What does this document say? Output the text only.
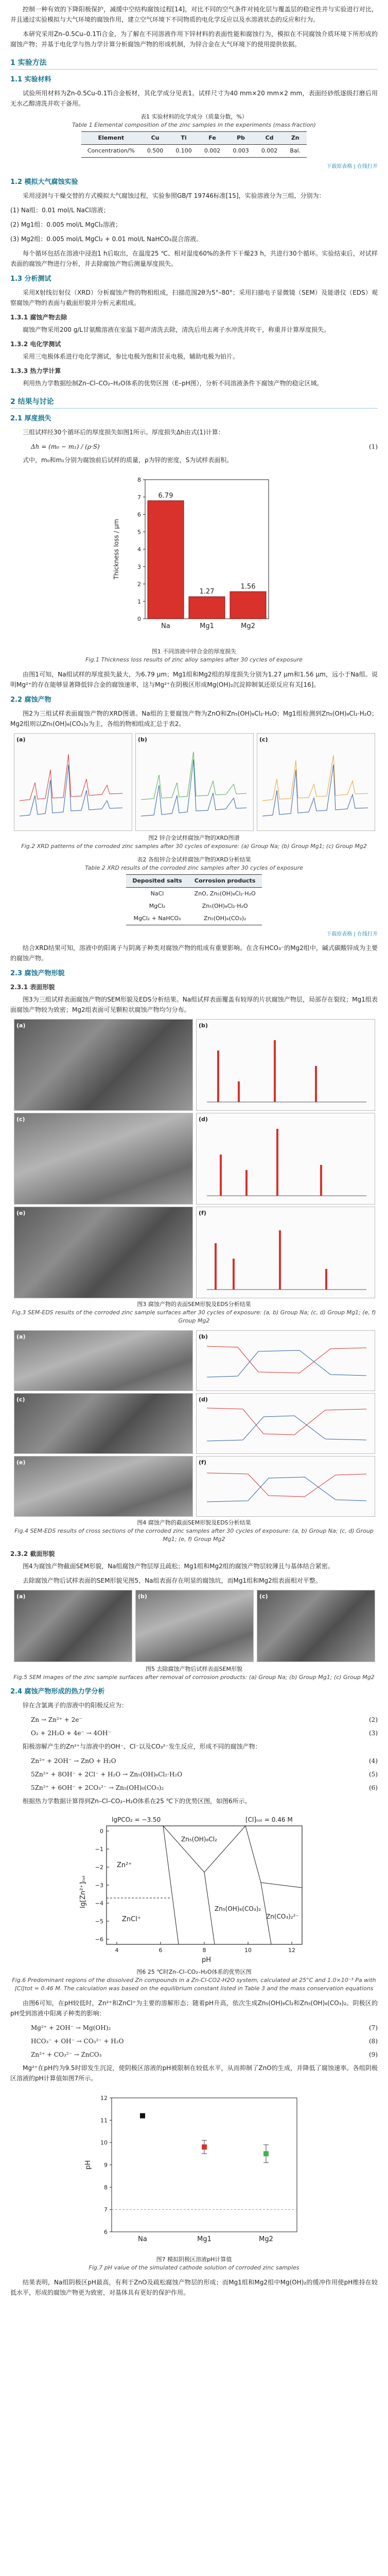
控制一种有效的下降阳极保护，减缓中空结构腐蚀过程[14]，对比不同的空气条件对钝化层与覆盖层的稳定性并与实验进行对比，并且通过实验模拟与大气环境的腐蚀作用，建立空气环境下不同物质的电化学反应以及水溶液状态的反应和行为。

本研究采用Zn–0.5Cu–0.1Ti合金，为了解在不同溶液作用下锌材料的表面性能和腐蚀行为，模拟在不同腐蚀介质环境下所形成的腐蚀产物；并基于电化学与热力学计算分析腐蚀产物的形成机制，为锌合金在大气环境下的使用提供依据。

1 实验方法
1.1 实验材料

试验所用材料为Zn-0.5Cu-0.1Ti合金板材，其化学成分见表1。试样尺寸为40 mm×20 mm×2 mm，表面经砂纸逐级打磨后用无水乙醇清洗并吹干备用。

表1 实验材料的化学成分（质量分数，%）
Table 1 Elemental composition of the zinc samples in the experiments (mass fraction)
Element	Cu	Ti	Fe	Pb	Cd	Zn
Concentration/%	0.500	0.100	0.002	0.003	0.002	Bal.
下载原表格 | 在线打开
1.2 模拟大气腐蚀实验

采用浸润与干燥交替的方式模拟大气腐蚀过程，实验参照GB/T 19746标准[15]，实验溶液分为三组，分别为：

(1) Na组：0.01 mol/L NaCl溶液；

(2) Mg1组：0.005 mol/L MgCl₂溶液；

(3) Mg2组：0.005 mol/L MgCl₂ + 0.01 mol/L NaHCO₃混合溶液。

每个循环包括在溶液中浸泡1 h后取出，在温度25 ℃、相对湿度60%的条件下干燥23 h，共进行30个循环。实验结束后，对试样表面的腐蚀产物进行分析，并去除腐蚀产物后测量厚度损失。

1.3 分析测试

采用X射线衍射仪（XRD）分析腐蚀产物的物相组成，扫描范围2θ为5°–80°；采用扫描电子显微镜（SEM）及能谱仪（EDS）观察腐蚀产物的表面与截面形貌并分析元素组成。

1.3.1 腐蚀产物去除

腐蚀产物采用200 g/L甘氨酸溶液在室温下超声清洗去除，清洗后用去离子水冲洗并吹干，称重并计算厚度损失。

1.3.2 电化学测试

采用三电极体系进行电化学测试，参比电极为饱和甘汞电极，辅助电极为铂片。

1.3.3 热力学计算

利用热力学数据绘制Zn–Cl–CO₂–H₂O体系的优势区图（E–pH图），分析不同溶液条件下腐蚀产物的稳定区域。

2 结果与讨论
2.1 厚度损失

三组试样经30个循环后的厚度损失如图1所示。厚度损失Δh由式(1)计算：

Δh = (m₀ − m₁) / (ρ·S)	(1)

式中，m₀和m₁分别为腐蚀前后试样的质量，ρ为锌的密度，S为试样表面积。

0
1
2
3
4
5
6
7
8
6.79
Na
1.27
Mg1
1.56
Mg2
Thickness loss / μm
图1 不同溶液中锌合金的厚度损失
Fig.1 Thickness loss results of zinc alloy samples after 30 cycles of exposure

由图1可知，Na组试样的厚度损失最大，为6.79 μm；Mg1组和Mg2组的厚度损失分别为1.27 μm和1.56 μm，远小于Na组。说明Mg²⁺的存在能够显著降低锌合金的腐蚀速率，这与Mg²⁺在阴极区形成Mg(OH)₂沉淀抑制氧还原反应有关[16]。

2.2 腐蚀产物

图2为三组试样表面腐蚀产物的XRD图谱。Na组的主要腐蚀产物为ZnO和Zn₅(OH)₈Cl₂·H₂O；Mg1组检测到Zn₅(OH)₈Cl₂·H₂O；Mg2组则以Zn₅(OH)₆(CO₃)₂为主，各组的物相组成汇总于表2。

(a)	(b)	(c)
图2 锌合金试样腐蚀产物的XRD图谱
Fig.2 XRD patterns of the corroded zinc samples after 30 cycles of exposure: (a) Group Na; (b) Group Mg1; (c) Group Mg2
表2 各组锌合金试样腐蚀产物的XRD分析结果
Table 2 XRD results of the corroded zinc samples after 30 cycles of exposure
Deposited salts	Corrosion products
NaCl	ZnO, Zn₅(OH)₈Cl₂·H₂O
MgCl₂	Zn₅(OH)₈Cl₂·H₂O
MgCl₂ + NaHCO₃	Zn₅(OH)₆(CO₃)₂
下载原表格 | 在线打开

结合XRD结果可知，溶液中的阳离子与阴离子种类对腐蚀产物的组成有重要影响。在含有HCO₃⁻的Mg2组中，碱式碳酸锌成为主要的腐蚀产物。

2.3 腐蚀产物形貌
2.3.1 表面形貌

图3为三组试样表面腐蚀产物的SEM形貌及EDS分析结果。Na组试样表面覆盖有较厚的片状腐蚀产物层，局部存在裂纹；Mg1组表面腐蚀产物较为致密；Mg2组表面可见颗粒状腐蚀产物均匀分布。

(a)	(b)
(c)	(d)
(e)	(f)
图3 腐蚀产物的表面SEM形貌及EDS分析结果
Fig.3 SEM-EDS results of the corroded zinc sample surfaces after 30 cycles of exposure: (a, b) Group Na; (c, d) Group Mg1; (e, f) Group Mg2
(a)	(b)
(c)	(d)
(e)	(f)
图4 腐蚀产物的截面SEM形貌及EDS分析结果
Fig.4 SEM-EDS results of cross sections of the corroded zinc samples after 30 cycles of exposure: (a, b) Group Na; (c, d) Group Mg1; (e, f) Group Mg2
2.3.2 截面形貌

图4为腐蚀产物截面SEM形貌，Na组腐蚀产物层厚且疏松；Mg1组和Mg2组的腐蚀产物层较薄且与基体结合紧密。

去除腐蚀产物后试样表面的SEM形貌见图5，Na组表面存在明显的腐蚀坑，而Mg1组和Mg2组表面相对平整。

(a)	(b)	(c)
图5 去除腐蚀产物后试样表面SEM形貌
Fig.5 SEM images of the zinc sample surfaces after removal of corrosion products: (a) Group Na; (b) Group Mg1; (c) Group Mg2
2.4 腐蚀产物形成的热力学分析

锌在含氯离子的溶液中的阳极反应为：

Zn → Zn²⁺ + 2e⁻	(2)
O₂ + 2H₂O + 4e⁻ → 4OH⁻	(3)

阳极溶解产生的Zn²⁺与溶液中的OH⁻、Cl⁻以及CO₃²⁻发生反应，形成不同的腐蚀产物：

Zn²⁺ + 2OH⁻ → ZnO + H₂O	(4)
5Zn²⁺ + 8OH⁻ + 2Cl⁻ + H₂O → Zn₅(OH)₈Cl₂·H₂O	(5)
5Zn²⁺ + 6OH⁻ + 2CO₃²⁻ → Zn₅(OH)₆(CO₃)₂	(6)

根据热力学数据计算得到Zn–Cl–CO₂–H₂O体系在25 ℃下的优势区图，如图6所示。

lgPCO₂ = −3.50	[Cl]ₜₒₜ = 0.46 M
Zn²⁺
ZnCl⁺
Zn₅(OH)₈Cl₂
Zn₅(OH)₆(CO₃)₂
Zn(CO₃)₂²⁻
4	6	8	10	12
0
−1
−2
−3
−4
−5
−6
pH
lg[Zn²⁺]ₜₒₜ
图6 25 ℃时Zn–Cl–CO₂–H₂O体系的优势区图
Fig.6 Predominant regions of the dissolved Zn compounds in a Zn-Cl-CO2-H2O system, calculated at 25°C and 1.0×10⁻³ Pa with [Cl]tot = 0.46 M. The calculation was based on the equilibrium constant listed in Table 3 and the mass conservation equations

由图6可知，在pH较低时，Zn²⁺和ZnCl⁺为主要的溶解形态；随着pH升高，依次生成Zn₅(OH)₈Cl₂和Zn₅(OH)₆(CO₃)₂。阴极区的pH受到溶液中阳离子种类的影响：

Mg²⁺ + 2OH⁻ → Mg(OH)₂	(7)
HCO₃⁻ + OH⁻ → CO₃²⁻ + H₂O	(8)
Zn²⁺ + CO₃²⁻ → ZnCO₃	(9)

Mg²⁺在pH约为9.5时即发生沉淀，使阴极区溶液的pH被限制在较低水平，从而抑制了ZnO的生成，并降低了腐蚀速率。各组阴极区溶液的pH计算值如图7所示。

6
7
8
9
10
11
12
Na	Mg1	Mg2
pH
图7 模拟阴极区溶液pH计算值
Fig.7 pH value of the simulated cathode solution of corroded zinc samples

结果表明，Na组阴极区pH最高，有利于ZnO及疏松腐蚀产物层的形成；而Mg1组和Mg2组中Mg(OH)₂的缓冲作用使pH维持在较低水平，形成的腐蚀产物更为致密，对基体具有更好的保护作用。
